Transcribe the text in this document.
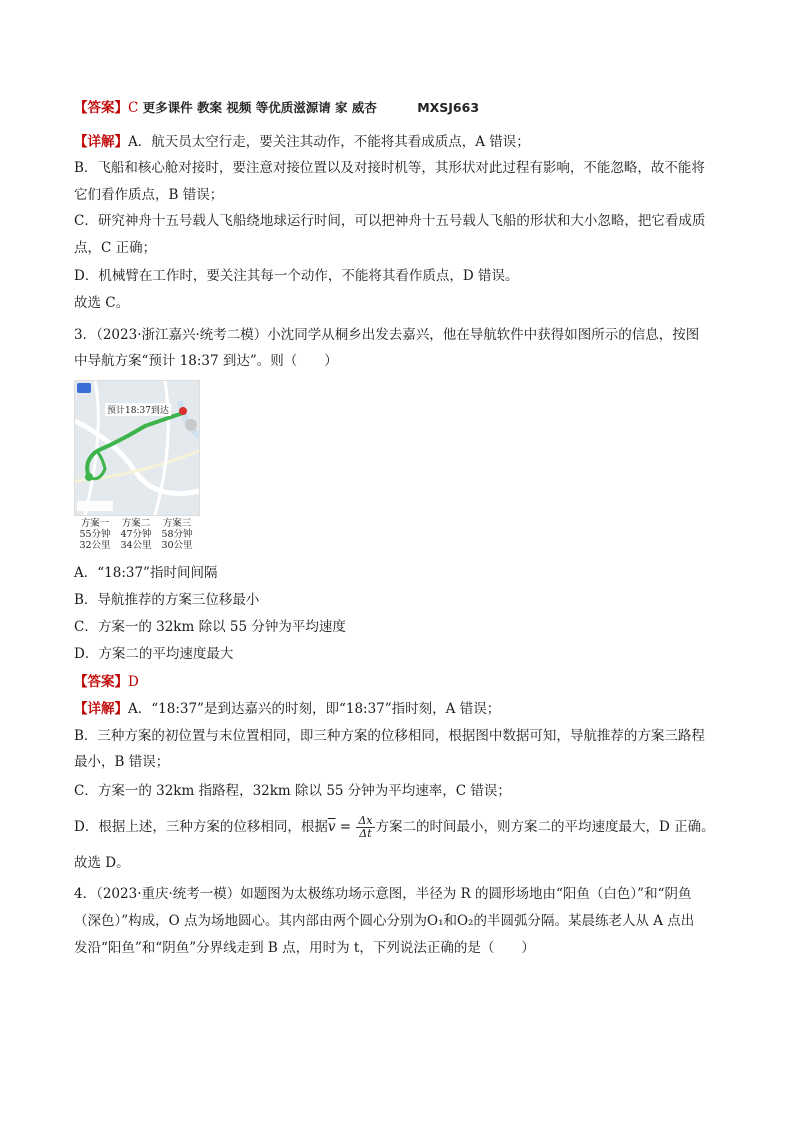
【答案】C 更多课件 教案 视频 等优质滋源请 家 威杏	MXSJ663
【详解】A．航天员太空行走，要关注其动作，不能将其看成质点，A 错误；
B．飞船和核心舱对接时，要注意对接位置以及对接时机等，其形状对此过程有影响，不能忽略，故不能将
它们看作质点，B 错误；
C．研究神舟十五号载人飞船绕地球运行时间，可以把神舟十五号载人飞船的形状和大小忽略，把它看成质
点，C 正确；
D．机械臂在工作时，要关注其每一个动作，不能将其看作质点，D 错误。
故选 C。
3．（2023·浙江嘉兴·统考二模）小沈同学从桐乡出发去嘉兴，他在导航软件中获得如图所示的信息，按图
中导航方案“预计 18:37 到达”。则（　　）
预计18:37到达
方案一
55分钟
32公里
方案二
47分钟
34公里
方案三
58分钟
30公里
A．“18:37”指时间间隔
B．导航推荐的方案三位移最小
C．方案一的 32km 除以 55 分钟为平均速度
D．方案二的平均速度最大
【答案】D
【详解】A．“18:37”是到达嘉兴的时刻，即“18:37”指时刻，A 错误；
B．三种方案的初位置与末位置相同，即三种方案的位移相同，根据图中数据可知，导航推荐的方案三路程
最小，B 错误；
C．方案一的 32km 指路程，32km 除以 55 分钟为平均速率，C 错误；
D．根据上述，三种方案的位移相同，根据$\overline{v} = \frac{\Delta x}{\Delta t}$ 方案二的时间最小，则方案二的平均速度最大，D 正确。
故选 D。
4．（2023·重庆·统考一模）如题图为太极练功场示意图，半径为 R 的圆形场地由“阳鱼（白色）”和“阴鱼
（深色）”构成，O 点为场地圆心。其内部由两个圆心分别为O₁和O₂的半圆弧分隔。某晨练老人从 A 点出
发沿“阳鱼”和“阴鱼”分界线走到 B 点，用时为 t，下列说法正确的是（　　）
